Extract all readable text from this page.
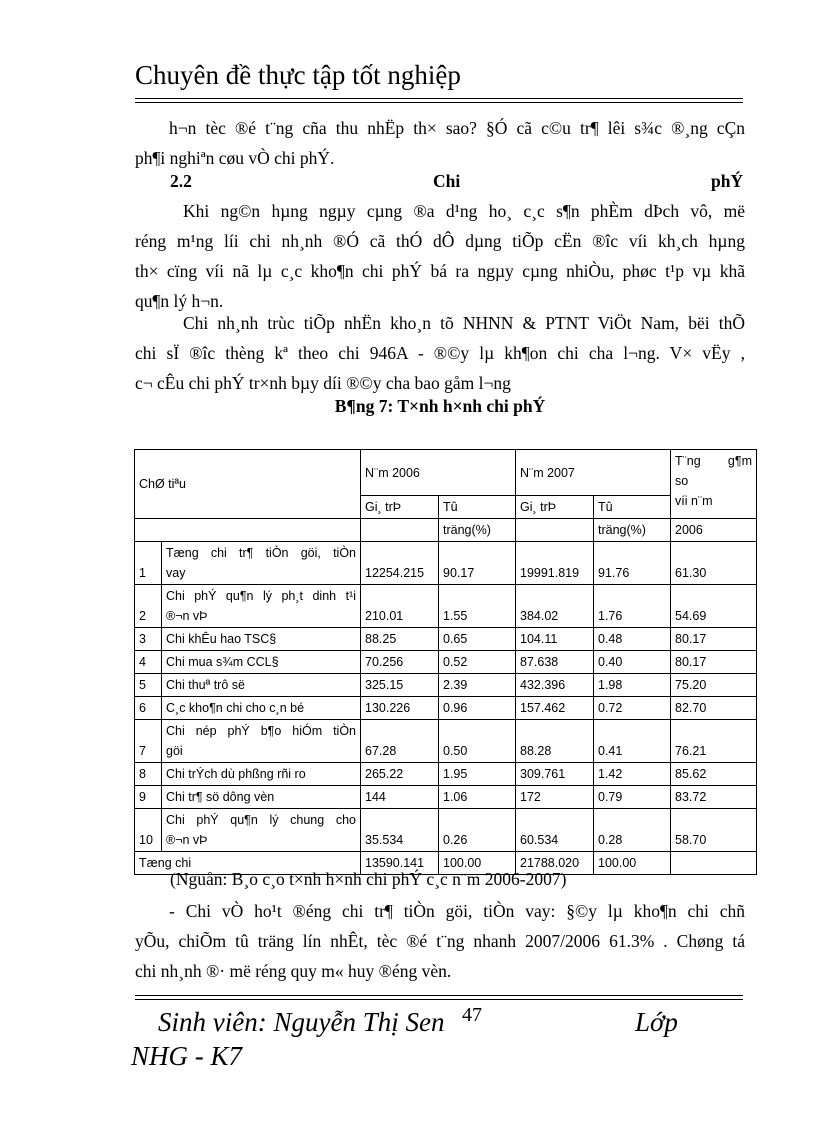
Chuyên đề thực tập tốt nghiệp
h¬n tèc ®é t¨ng cña thu nhËp th× sao? §Ó cã c©u tr¶ lêi s¾c ®¸ng cÇn
ph¶i nghiªn cøu vÒ chi phÝ.
2.2	Chi	phÝ
Khi ng©n hµng ngµy cµng ®a d¹ng ho¸ c¸c s¶n phÈm dÞch vô, më
réng m¹ng líi chi nh¸nh ®Ó cã thÓ dÔ dµng tiÕp cËn ®îc víi kh¸ch hµng
th× cïng víi nã lµ c¸c kho¶n chi phÝ bá ra ngµy cµng nhiÒu, phøc t¹p vµ khã
qu¶n lý h¬n.
Chi nh¸nh trùc tiÕp nhËn kho¸n tõ NHNN & PTNT ViÖt Nam, bëi thÕ
chi sÏ ®îc thèng kª theo chi 946A - ®©y lµ kh¶on chi cha l¬ng. V× vËy ,
c¬ cÊu chi phÝ tr×nh bµy díi ®©y cha bao gåm l¬ng
B¶ng 7: T×nh h×nh chi phÝ
ChØ tiªu		N¨m 2006		N¨m 2007		T¨ng g¶m
so
víi n¨m

		Gi¸ trÞ	Tû	Gi¸ trÞ	Tû	
			träng(%)		träng(%)	2006
1	Tæng chi tr¶ tiÒn göi, tiÒn
vay	12254.215	90.17	19991.819	91.76	61.30
2	Chi phÝ qu¶n lý ph¸t dinh t¹i
®¬n vÞ	210.01	1.55	384.02	1.76	54.69
3	Chi khÊu hao TSC§	88.25	0.65	104.11	0.48	80.17
4	Chi mua s¾m CCL§	70.256	0.52	87.638	0.40	80.17
5	Chi thuª trô së	325.15	2.39	432.396	1.98	75.20
6	C¸c kho¶n chi cho c¸n bé	130.226	0.96	157.462	0.72	82.70
7	Chi nép phÝ b¶o hiÓm tiÒn
göi	67.28	0.50	88.28	0.41	76.21
8	Chi trÝch dù phßng rñi ro	265.22	1.95	309.761	1.42	85.62
9	Chi tr¶ sö dông vèn	144	1.06	172	0.79	83.72
10	Chi phÝ qu¶n lý chung cho
®¬n vÞ	35.534	0.26	60.534	0.28	58.70
Tæng chi		13590.141	100.00	21788.020	100.00	
(Nguån: B¸o c¸o t×nh h×nh chi phÝ c¸c n¨m 2006-2007)
- Chi vÒ ho¹t ®éng chi tr¶ tiÒn göi, tiÒn vay: §©y lµ kho¶n chi chñ
yÕu, chiÕm tû träng lín nhÊt, tèc ®é t¨ng nhanh 2007/2006 61.3% . Chøng tá
chi nh¸nh ®· më réng quy m« huy ®éng vèn.
47
Sinh viên: Nguyễn Thị Sen	Lớp
NHG - K7
